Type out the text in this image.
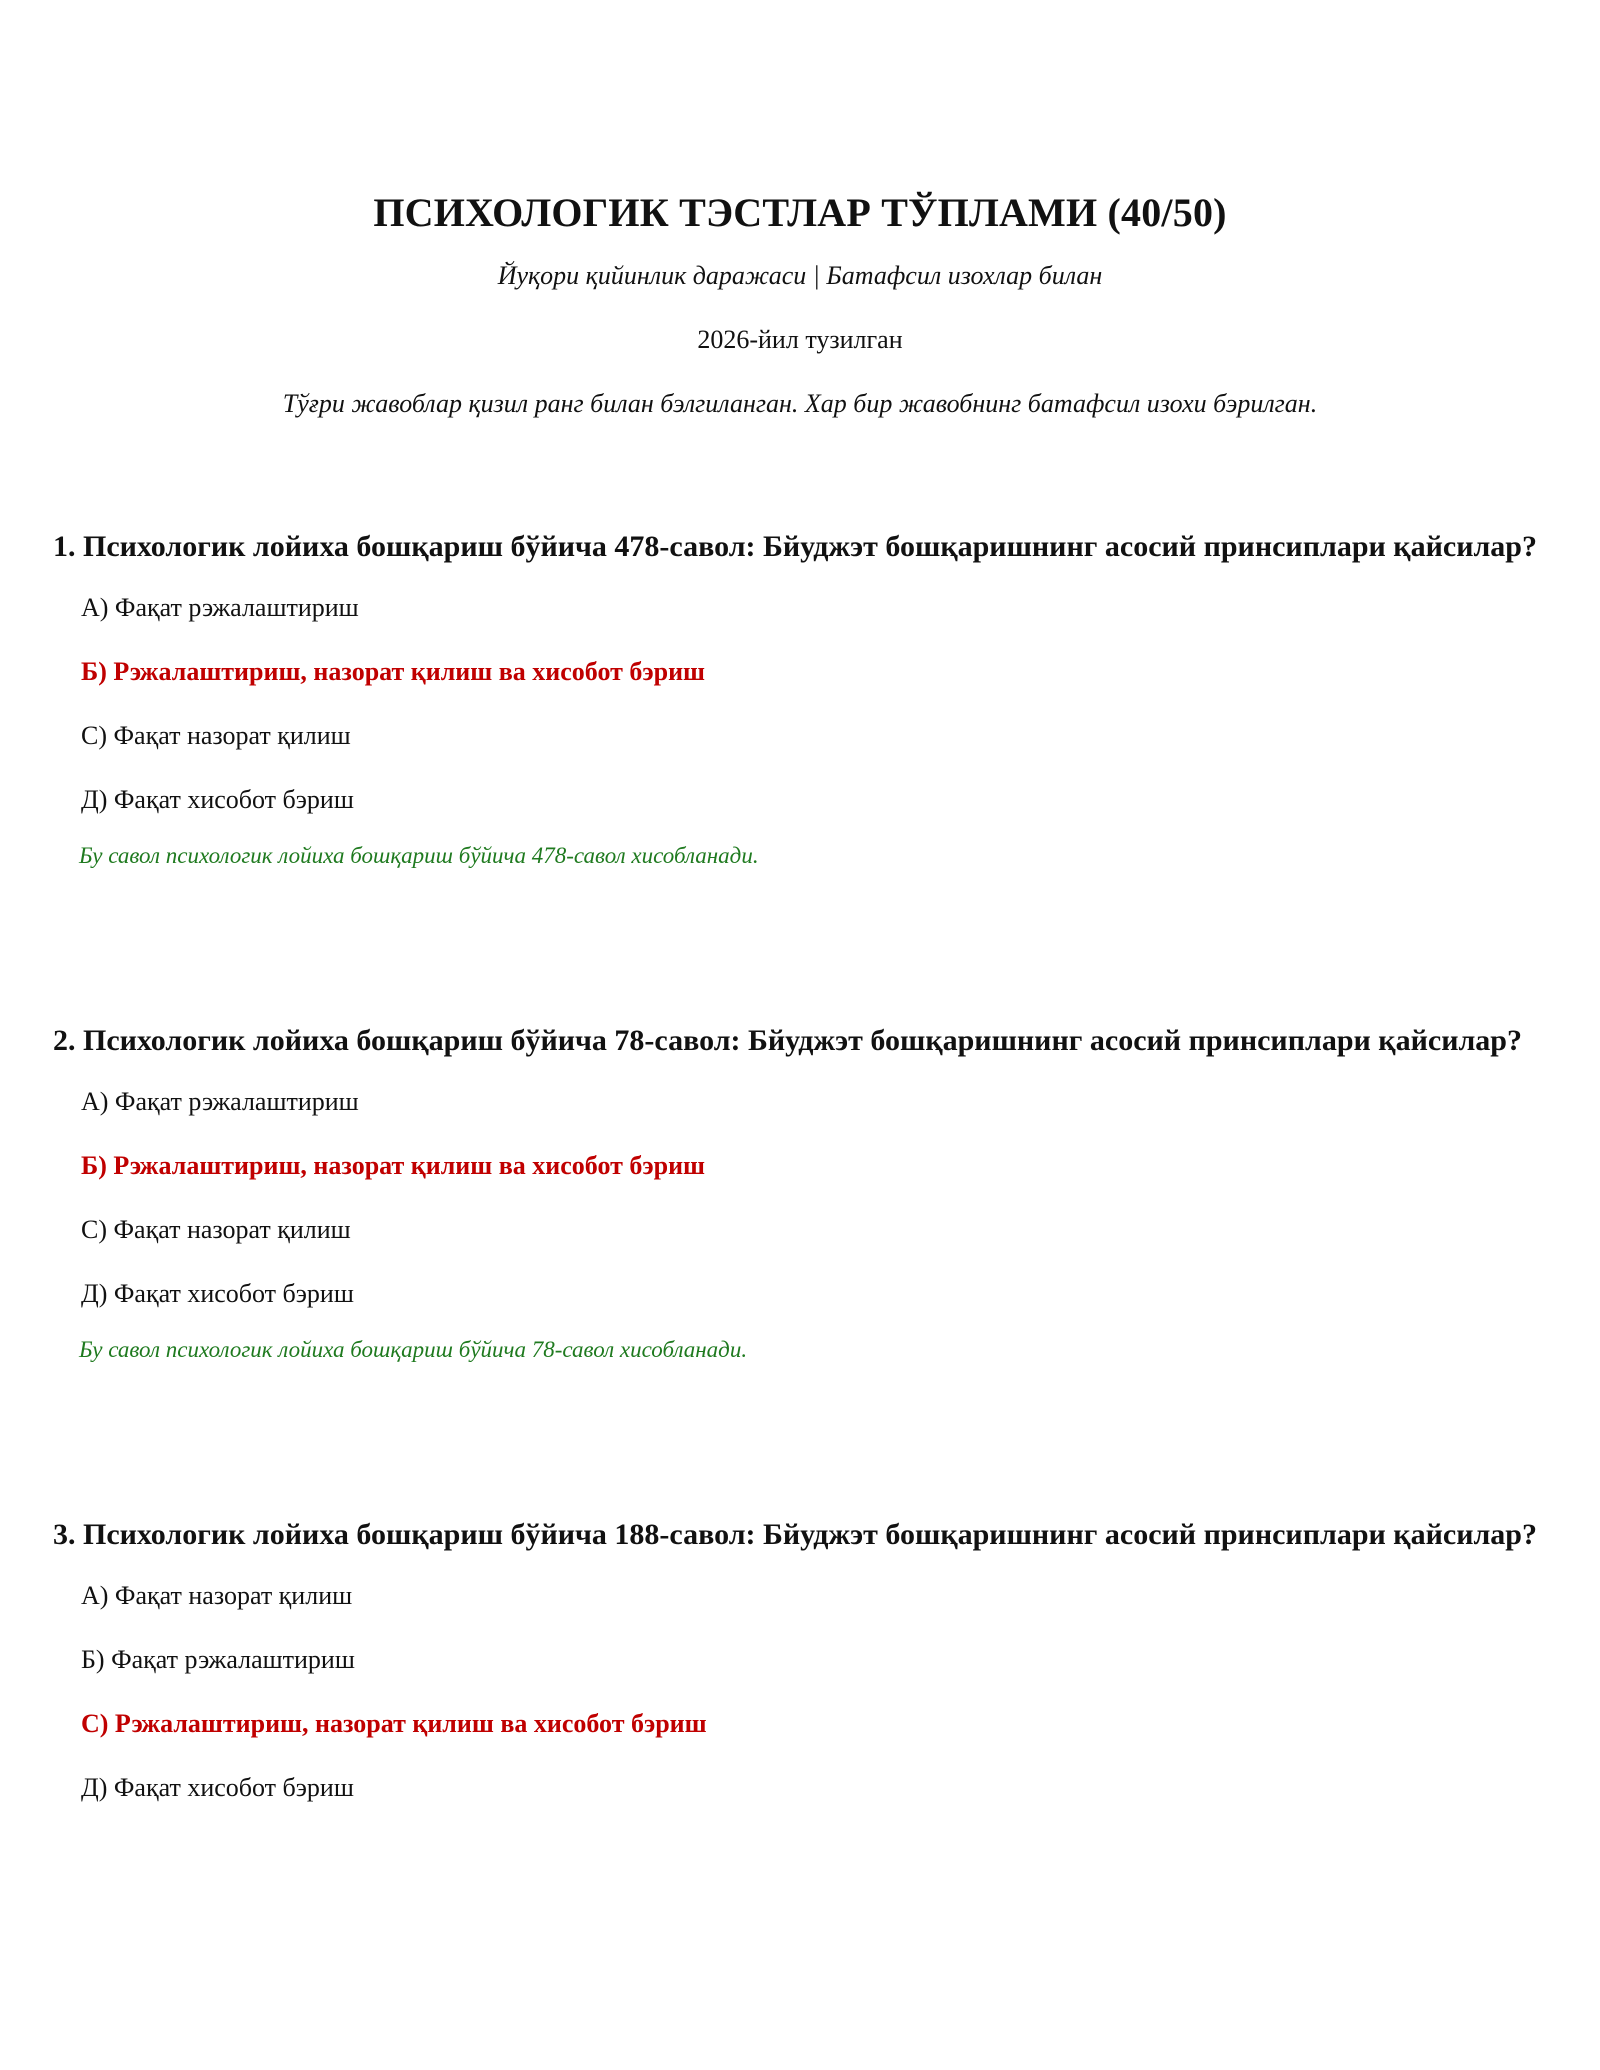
ПСИХОЛОГИК ТЭСТЛАР ТЎПЛАМИ (40/50)

Йуқори қийинлик даражаси | Батафсил изохлар билан

2026-йил тузилган

Тўғри жавоблар қизил ранг билан бэлгиланган. Хар бир жавобнинг батафсил изохи бэрилган.

1. Психологик лойиха бошқариш бўйича 478-савол: Бйуджэт бошқаришнинг асосий принсиплари қайсилар?

А) Фақат рэжалаштириш
Б) Рэжалаштириш, назорат қилиш ва хисобот бэриш
С) Фақат назорат қилиш
Д) Фақат хисобот бэриш

Бу савол психологик лойиха бошқариш бўйича 478-савол хисобланади.

2. Психологик лойиха бошқариш бўйича 78-савол: Бйуджэт бошқаришнинг асосий принсиплари қайсилар?

А) Фақат рэжалаштириш
Б) Рэжалаштириш, назорат қилиш ва хисобот бэриш
С) Фақат назорат қилиш
Д) Фақат хисобот бэриш

Бу савол психологик лойиха бошқариш бўйича 78-савол хисобланади.

3. Психологик лойиха бошқариш бўйича 188-савол: Бйуджэт бошқаришнинг асосий принсиплари қайсилар?

А) Фақат назорат қилиш
Б) Фақат рэжалаштириш
С) Рэжалаштириш, назорат қилиш ва хисобот бэриш
Д) Фақат хисобот бэриш
